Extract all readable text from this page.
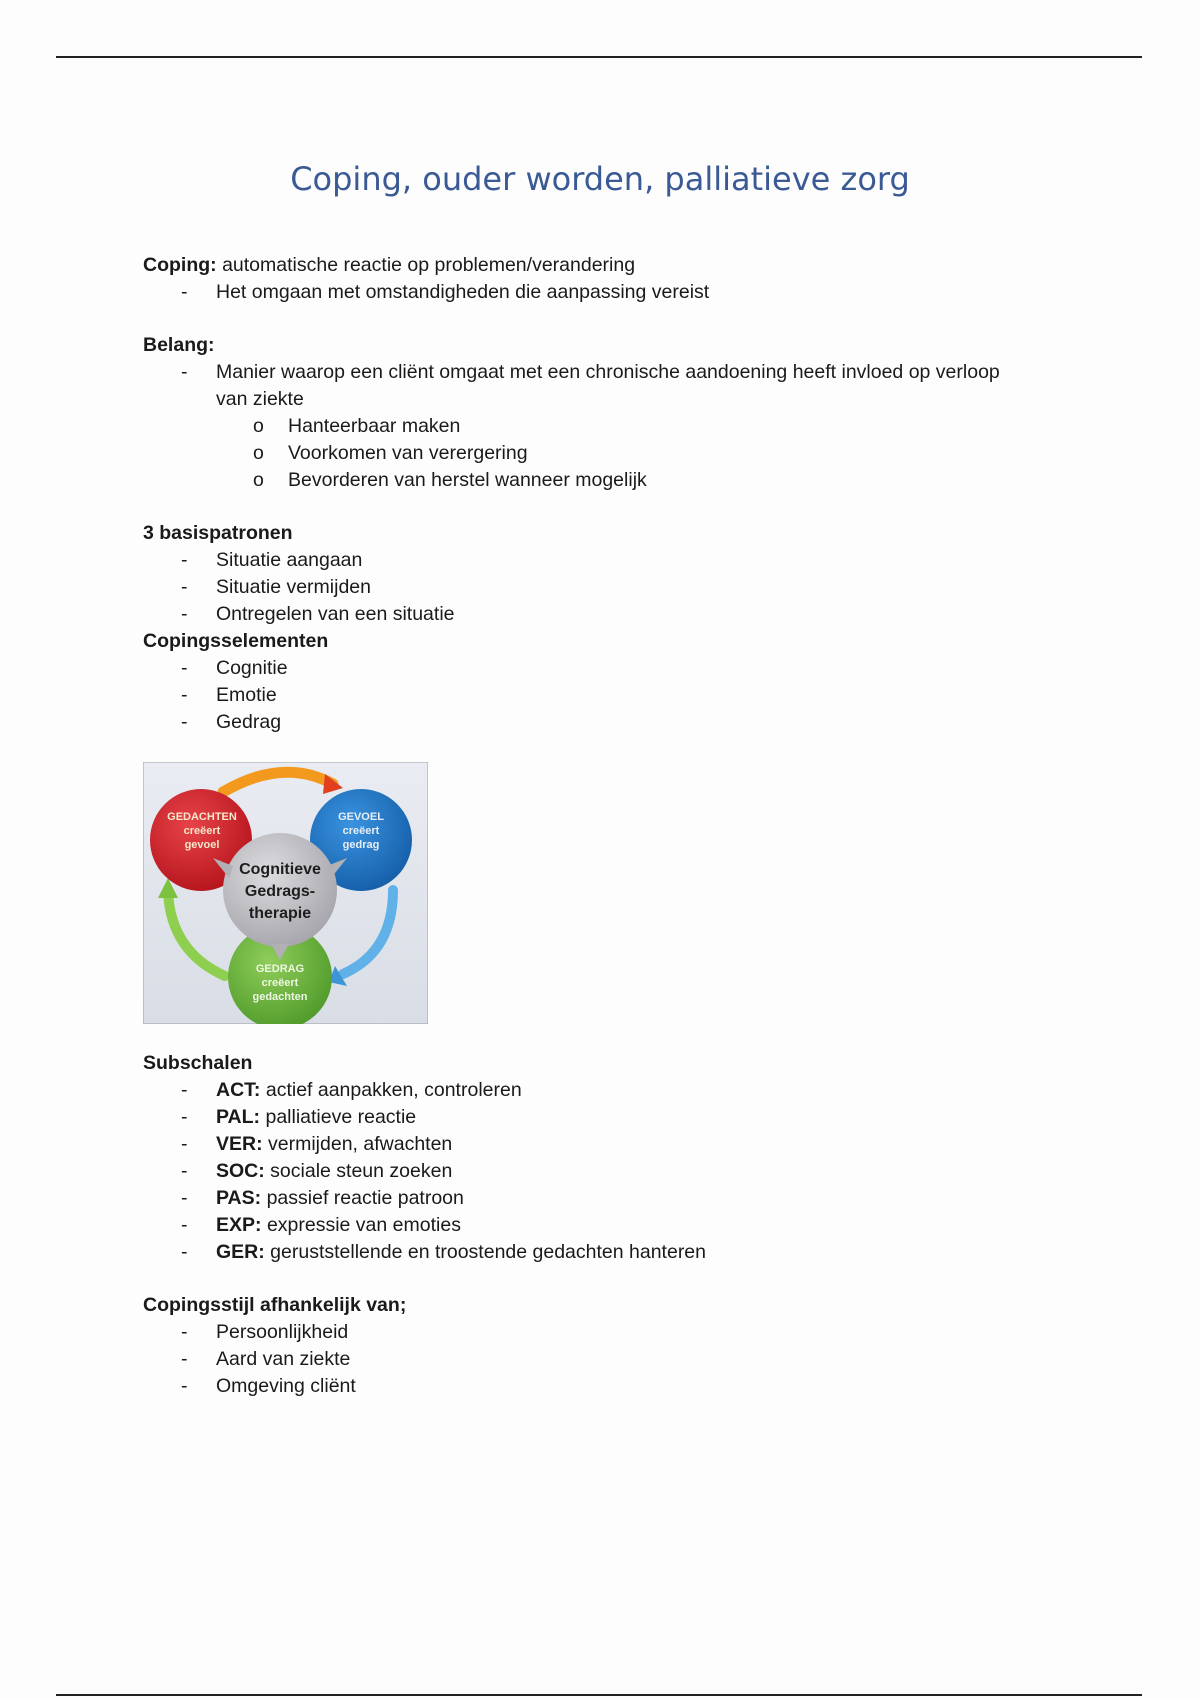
Coping, ouder worden, palliatieve zorg

Coping: automatische reactie op problemen/verandering

- Het omgaan met omstandigheden die aanpassing vereist

Belang:

- Manier waarop een cliënt omgaat met een chronische aandoening heeft invloed op verloop
van ziekte
o Hanteerbaar maken
o Voorkomen van verergering
o Bevorderen van herstel wanneer mogelijk

3 basispatronen

- Situatie aangaan
- Situatie vermijden
- Ontregelen van een situatie

Copingsselementen

- Cognitie
- Emotie
- Gedrag
GEDACHTEN
creëert
gevoel
GEVOEL
creëert
gedrag
GEDRAG
creëert
gedachten
Cognitieve
Gedrags-
therapie

Subschalen

- ACT: actief aanpakken, controleren
- PAL: palliatieve reactie
- VER: vermijden, afwachten
- SOC: sociale steun zoeken
- PAS: passief reactie patroon
- EXP: expressie van emoties
- GER: geruststellende en troostende gedachten hanteren

Copingsstijl afhankelijk van;

- Persoonlijkheid
- Aard van ziekte
- Omgeving cliënt
